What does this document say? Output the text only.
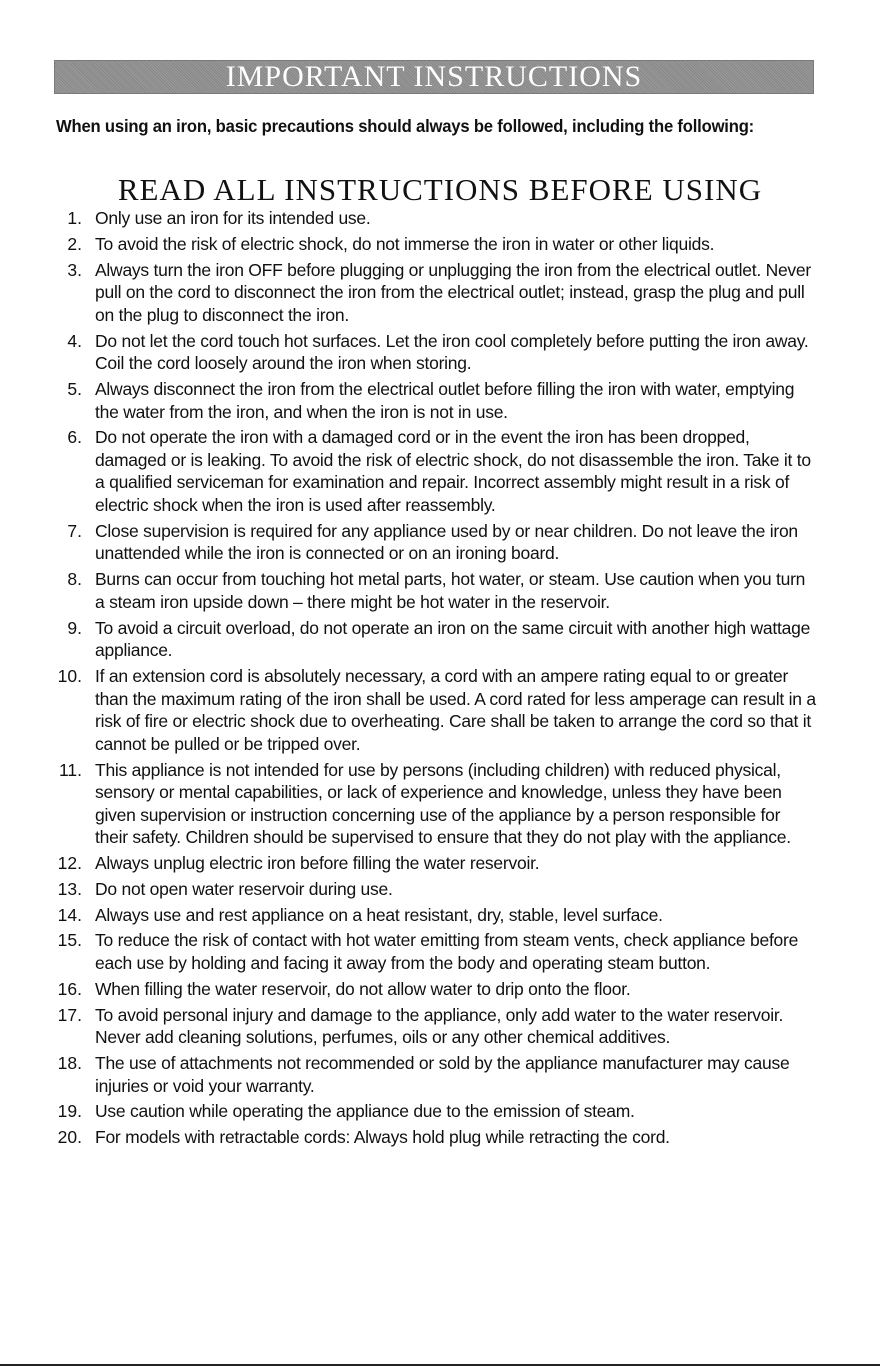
IMPORTANT INSTRUCTIONS
When using an iron, basic precautions should always be followed, including the following:
READ ALL INSTRUCTIONS BEFORE USING
1. Only use an iron for its intended use.
2. To avoid the risk of electric shock, do not immerse the iron in water or other liquids.
3. Always turn the iron OFF before plugging or unplugging the iron from the electrical outlet. Never pull on the cord to disconnect the iron from the electrical outlet; instead, grasp the plug and pull on the plug to disconnect the iron.
4. Do not let the cord touch hot surfaces. Let the iron cool completely before putting the iron away. Coil the cord loosely around the iron when storing.
5. Always disconnect the iron from the electrical outlet before filling the iron with water, emptying the water from the iron, and when the iron is not in use.
6. Do not operate the iron with a damaged cord or in the event the iron has been dropped, damaged or is leaking. To avoid the risk of electric shock, do not disassemble the iron. Take it to a qualified serviceman for examination and repair. Incorrect assembly might result in a risk of electric shock when the iron is used after reassembly.
7. Close supervision is required for any appliance used by or near children. Do not leave the iron unattended while the iron is connected or on an ironing board.
8. Burns can occur from touching hot metal parts, hot water, or steam. Use caution when you turn a steam iron upside down – there might be hot water in the reservoir.
9. To avoid a circuit overload, do not operate an iron on the same circuit with another high wattage appliance.
10. If an extension cord is absolutely necessary, a cord with an ampere rating equal to or greater than the maximum rating of the iron shall be used. A cord rated for less amperage can result in a risk of fire or electric shock due to overheating. Care shall be taken to arrange the cord so that it cannot be pulled or be tripped over.
11. This appliance is not intended for use by persons (including children) with reduced physical, sensory or mental capabilities, or lack of experience and knowledge, unless they have been given supervision or instruction concerning use of the appliance by a person responsible for their safety. Children should be supervised to ensure that they do not play with the appliance.
12. Always unplug electric iron before filling the water reservoir.
13. Do not open water reservoir during use.
14. Always use and rest appliance on a heat resistant, dry, stable, level surface.
15. To reduce the risk of contact with hot water emitting from steam vents, check appliance before each use by holding and facing it away from the body and operating steam button.
16. When filling the water reservoir, do not allow water to drip onto the floor.
17. To avoid personal injury and damage to the appliance, only add water to the water reservoir. Never add cleaning solutions, perfumes, oils or any other chemical additives.
18. The use of attachments not recommended or sold by the appliance manufacturer may cause injuries or void your warranty.
19. Use caution while operating the appliance due to the emission of steam.
20. For models with retractable cords: Always hold plug while retracting the cord.
